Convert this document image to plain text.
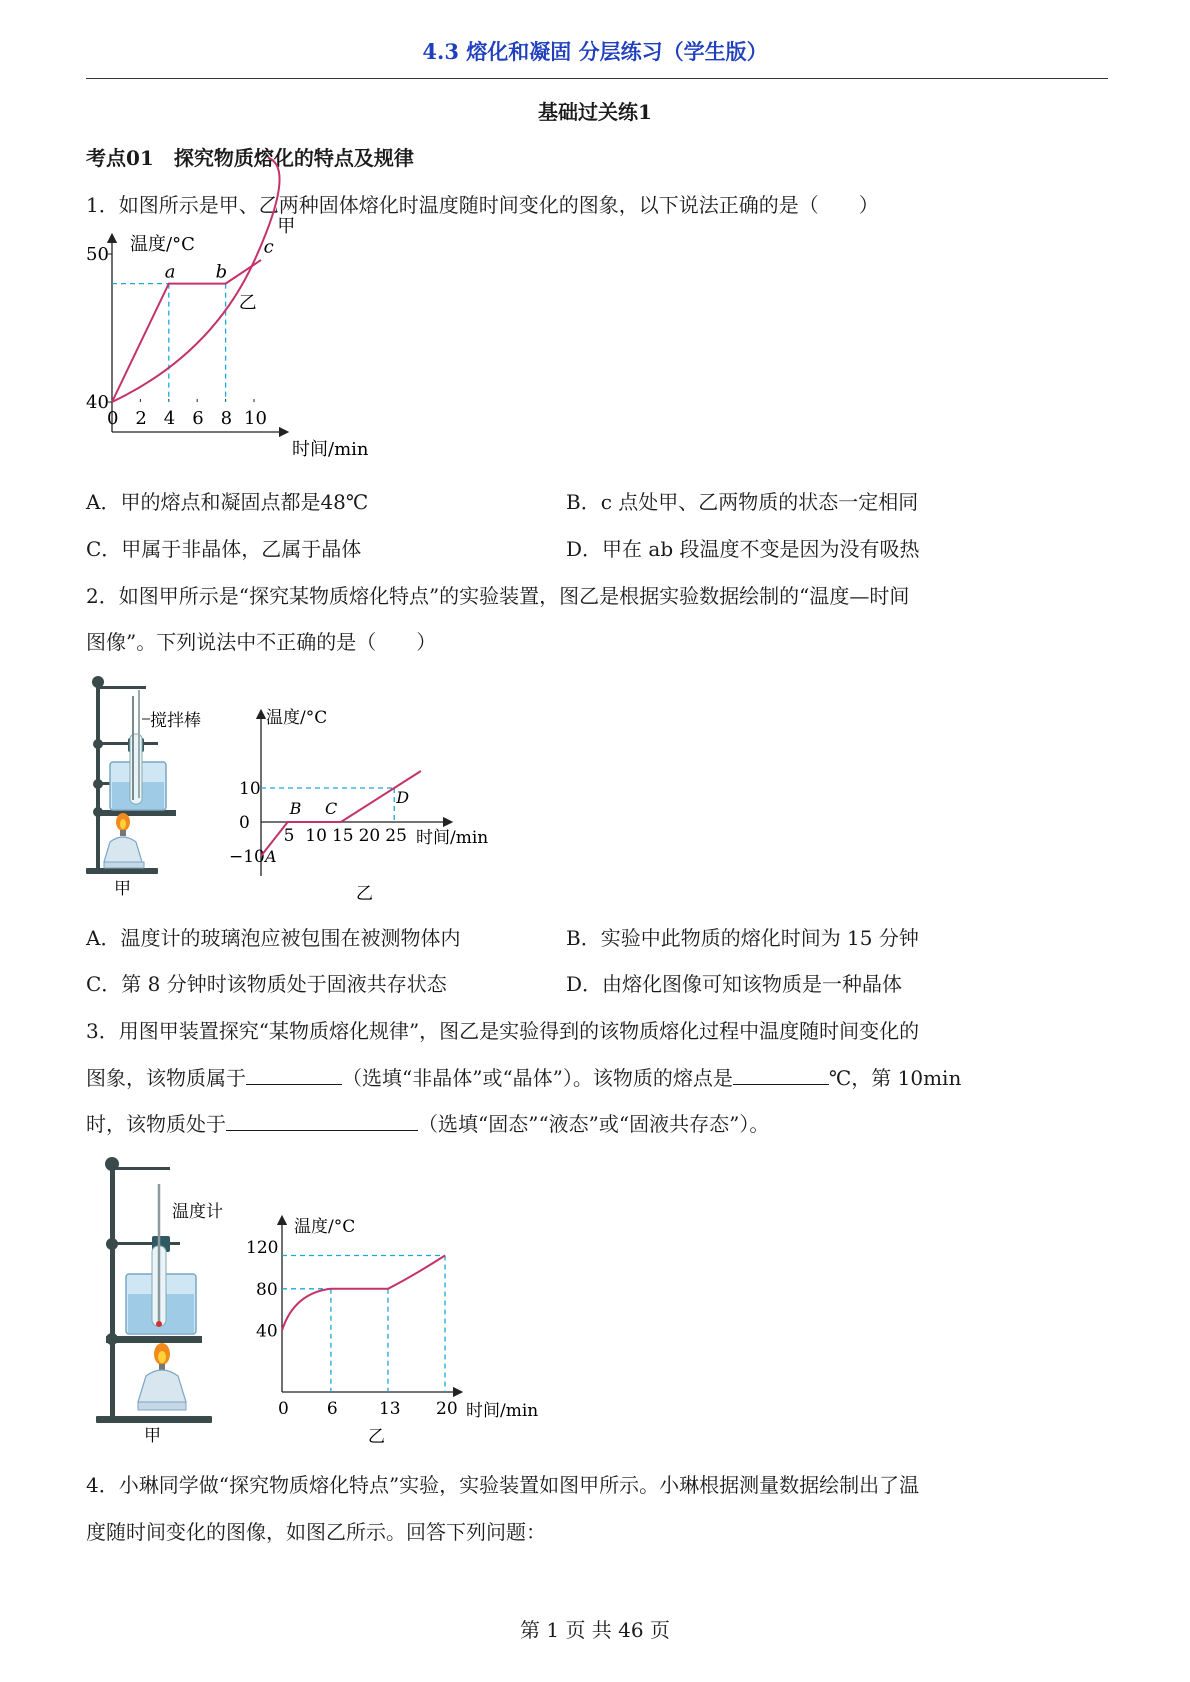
4.3 熔化和凝固 分层练习（学生版）
基础过关练1
考点01　探究物质熔化的特点及规律
1．如图所示是甲、乙两种固体熔化时温度随时间变化的图象，以下说法正确的是（　　）
温度/°C
时间/min
40
50
0 2 4 6 8 10
a b
c
甲
乙
A．甲的熔点和凝固点都是48℃	B．c 点处甲、乙两物质的状态一定相同
C．甲属于非晶体，乙属于晶体	D．甲在 ab 段温度不变是因为没有吸热
2．如图甲所示是“探究某物质熔化特点”的实验装置，图乙是根据实验数据绘制的“温度—时间
图像”。下列说法中不正确的是（　　）
搅拌棒
甲
温度/°C
时间/min
10
0
−10
5 10 15 20 25
A
B C
D
乙
A．温度计的玻璃泡应被包围在被测物体内	B．实验中此物质的熔化时间为 15 分钟
C．第 8 分钟时该物质处于固液共存状态	D．由熔化图像可知该物质是一种晶体
3．用图甲装置探究“某物质熔化规律”，图乙是实验得到的该物质熔化过程中温度随时间变化的
图象，该物质属于	（选填“非晶体”或“晶体”）。该物质的熔点是	℃，第 10min
时，该物质处于	（选填“固态”“液态”或“固液共存态”）。
温度计
甲
温度/°C
时间/min
120
80
40
0 6 13 20
乙
4．小琳同学做“探究物质熔化特点”实验，实验装置如图甲所示。小琳根据测量数据绘制出了温
度随时间变化的图像，如图乙所示。回答下列问题：
第 1 页 共 46 页
